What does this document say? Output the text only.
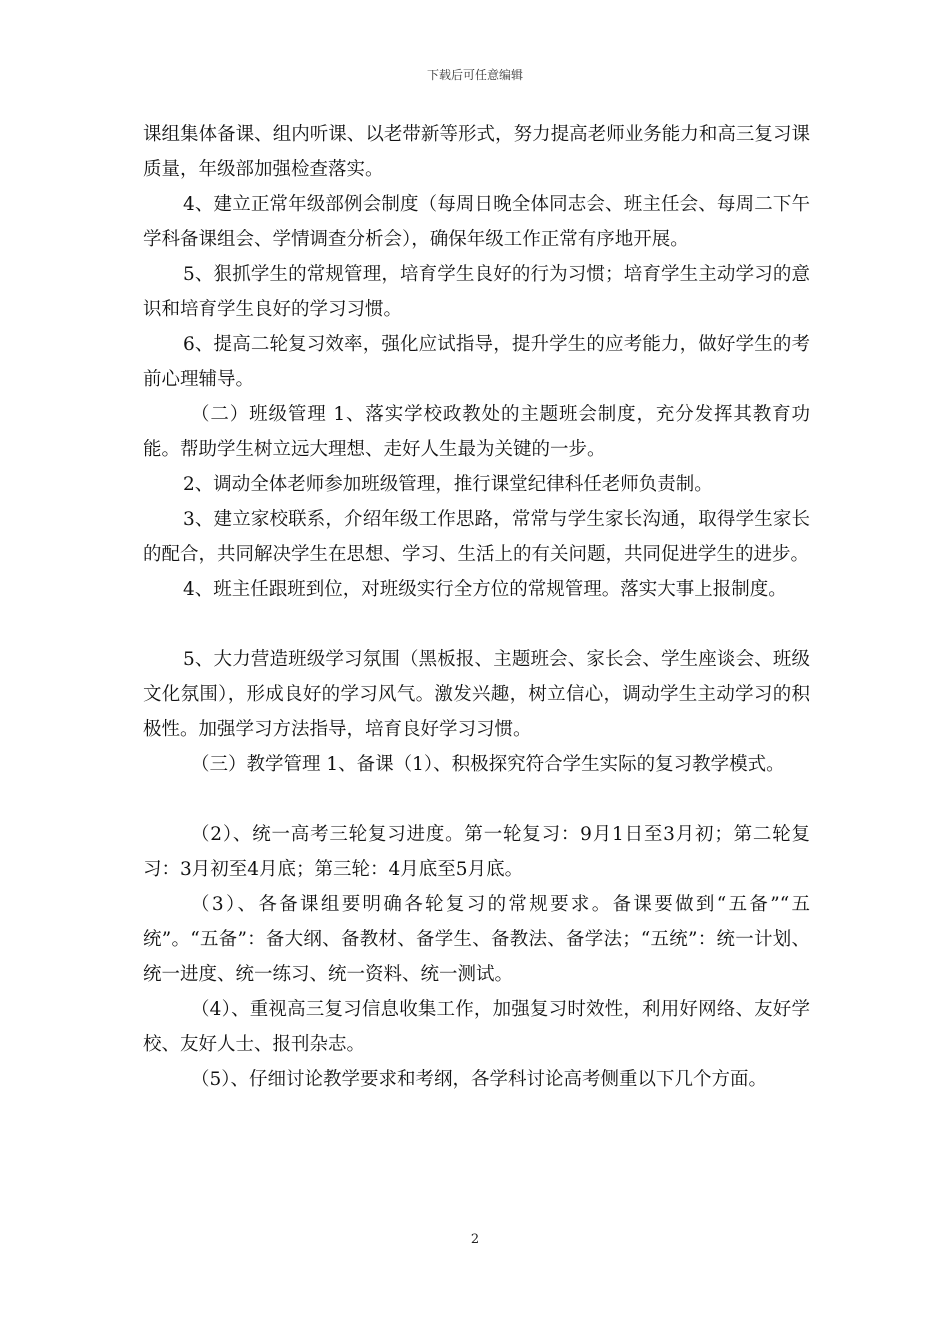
下载后可任意编辑

课组集体备课、组内听课、以老带新等形式，努力提高老师业务能力和高三复习课质量，年级部加强检查落实。

4、建立正常年级部例会制度（每周日晚全体同志会、班主任会、每周二下午学科备课组会、学情调查分析会），确保年级工作正常有序地开展。

5、狠抓学生的常规管理，培育学生良好的行为习惯；培育学生主动学习的意识和培育学生良好的学习习惯。

6、提高二轮复习效率，强化应试指导，提升学生的应考能力，做好学生的考前心理辅导。

（二）班级管理 1、落实学校政教处的主题班会制度，充分发挥其教育功能。帮助学生树立远大理想、走好人生最为关键的一步。

2、调动全体老师参加班级管理，推行课堂纪律科任老师负责制。

3、建立家校联系，介绍年级工作思路，常常与学生家长沟通，取得学生家长的配合，共同解决学生在思想、学习、生活上的有关问题，共同促进学生的进步。

4、班主任跟班到位，对班级实行全方位的常规管理。落实大事上报制度。

5、大力营造班级学习氛围（黑板报、主题班会、家长会、学生座谈会、班级文化氛围），形成良好的学习风气。激发兴趣，树立信心，调动学生主动学习的积极性。加强学习方法指导，培育良好学习习惯。

（三）教学管理 1、备课（1）、积极探究符合学生实际的复习教学模式。

（2）、统一高考三轮复习进度。第一轮复习：9月1日至3月初；第二轮复习：3月初至4月底；第三轮：4月底至5月底。

（3）、各备课组要明确各轮复习的常规要求。备课要做到“五备”“五统”。“五备”：备大纲、备教材、备学生、备教法、备学法；“五统”：统一计划、统一进度、统一练习、统一资料、统一测试。

（4）、重视高三复习信息收集工作，加强复习时效性，利用好网络、友好学校、友好人士、报刊杂志。

（5）、仔细讨论教学要求和考纲，各学科讨论高考侧重以下几个方面。

2
